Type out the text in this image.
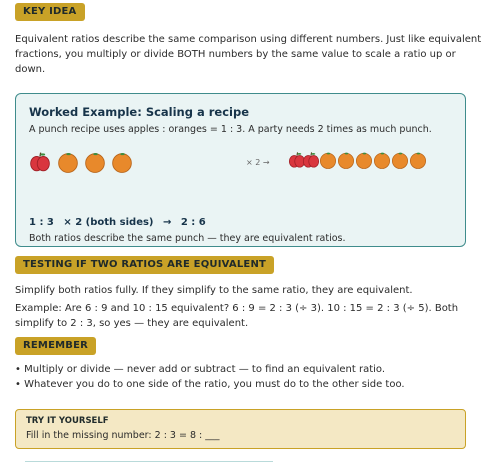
KEY IDEA

Equivalent ratios describe the same comparison using different numbers. Just like equivalent fractions, you multiply or divide BOTH numbers by the same value to scale a ratio up or down.

Worked Example: Scaling a recipe
A punch recipe uses apples : oranges = 1 : 3. A party needs 2 times as much punch.
× 2 →
1 : 3 × 2 (both sides) → 2 : 6
Both ratios describe the same punch — they are equivalent ratios.
TESTING IF TWO RATIOS ARE EQUIVALENT

Simplify both ratios fully. If they simplify to the same ratio, they are equivalent.

Example: Are 6 : 9 and 10 : 15 equivalent? 6 : 9 = 2 : 3 (÷ 3). 10 : 15 = 2 : 3 (÷ 5). Both simplify to 2 : 3, so yes — they are equivalent.

REMEMBER

• Multiply or divide — never add or subtract — to find an equivalent ratio.

• Whatever you do to one side of the ratio, you must do to the other side too.

TRY IT YOURSELF
Fill in the missing number: 2 : 3 = 8 : ___
